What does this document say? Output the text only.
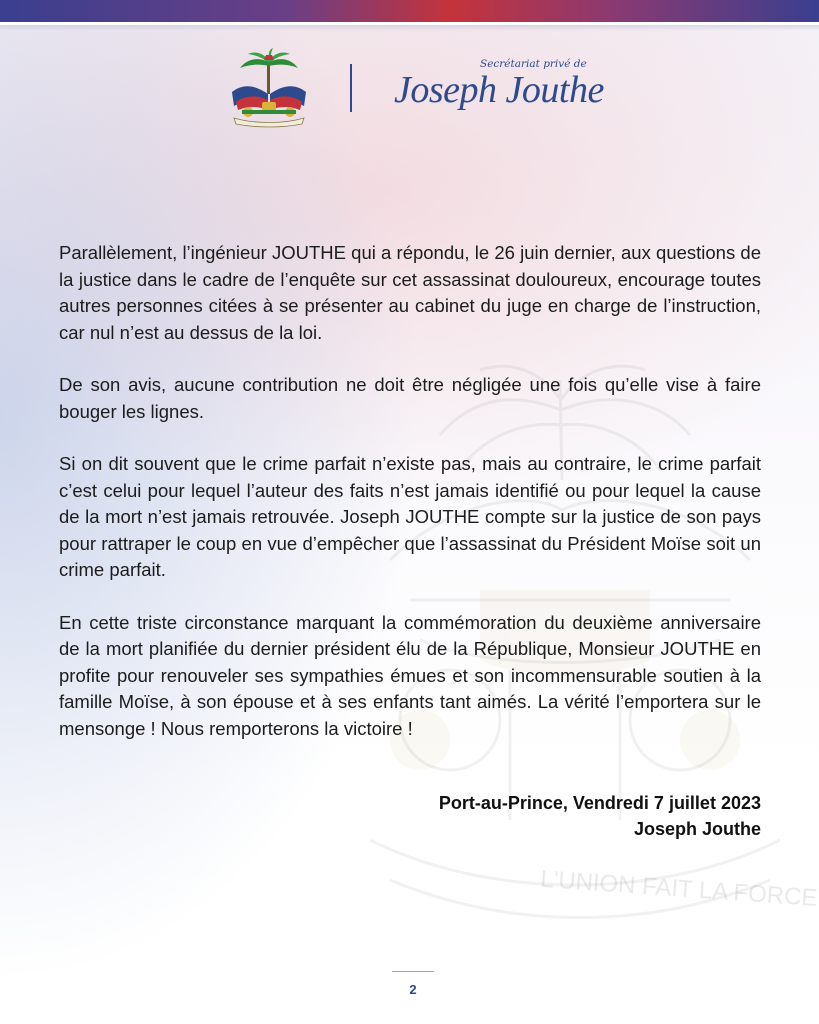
L'UNION FAIT LA FORCE
Secrétariat privé de
Joseph Jouthe

Parallèlement, l’ingénieur JOUTHE qui a répondu, le 26 juin dernier, aux questions de la justice dans le cadre de l’enquête sur cet assassinat douloureux, encourage toutes autres personnes citées à se présenter au cabinet du juge en charge de l’instruction, car nul n’est au dessus de la loi.

De son avis, aucune contribution ne doit être négligée une fois qu’elle vise à faire bouger les lignes.

Si on dit souvent que le crime parfait n’existe pas, mais au contraire, le crime parfait c’est celui pour lequel l’auteur des faits n’est jamais identifié ou pour lequel la cause de la mort n’est jamais retrouvée. Joseph JOUTHE compte sur la justice de son pays pour rattraper le coup en vue d’empêcher que l’assassinat du Président Moïse soit un crime parfait.

En cette triste circonstance marquant la commémoration du deuxième anniversaire de la mort planifiée du dernier président élu de la République, Monsieur JOUTHE en profite pour renouveler ses sympathies émues et son incommensurable soutien à la famille Moïse, à son épouse et à ses enfants tant aimés. La vérité l’emportera sur le mensonge ! Nous remporterons la victoire !

Port-au-Prince, Vendredi 7 juillet 2023
Joseph Jouthe
2
